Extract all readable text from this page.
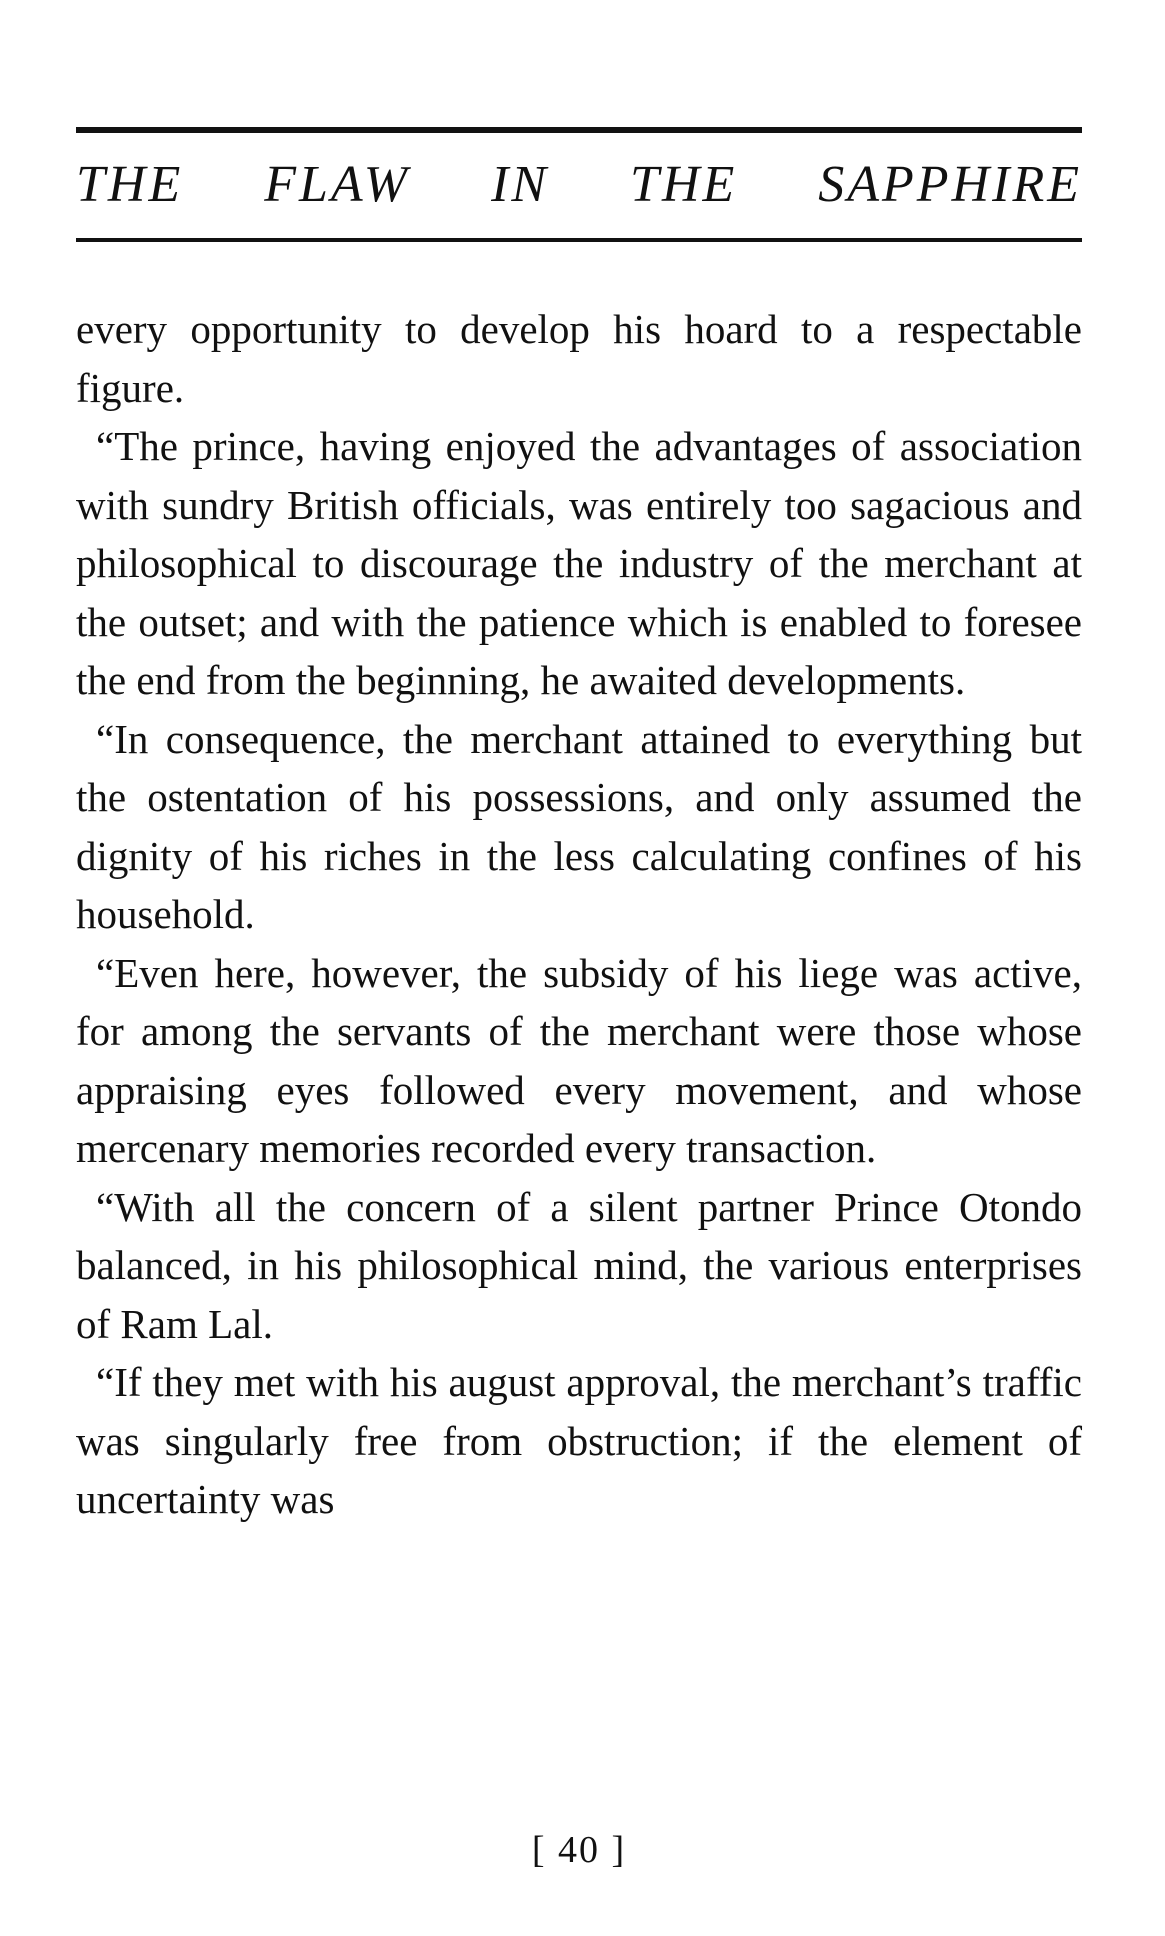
THE FLAW IN THE SAPPHIRE

every opportunity to develop his hoard to a respectable figure.

“The prince, having enjoyed the advantages of association with sundry British officials, was entirely too sagacious and philosophical to discourage the industry of the merchant at the outset; and with the patience which is enabled to foresee the end from the beginning, he awaited developments.

“In consequence, the merchant attained to everything but the ostentation of his possessions, and only assumed the dignity of his riches in the less calculating confines of his household.

“Even here, however, the subsidy of his liege was active, for among the servants of the merchant were those whose appraising eyes followed every movement, and whose mercenary memories recorded every transaction.

“With all the concern of a silent partner Prince Otondo balanced, in his philosophical mind, the various enterprises of Ram Lal.

“If they met with his august approval, the merchant’s traffic was singularly free from obstruction; if the element of uncertainty was

[ 40 ]
